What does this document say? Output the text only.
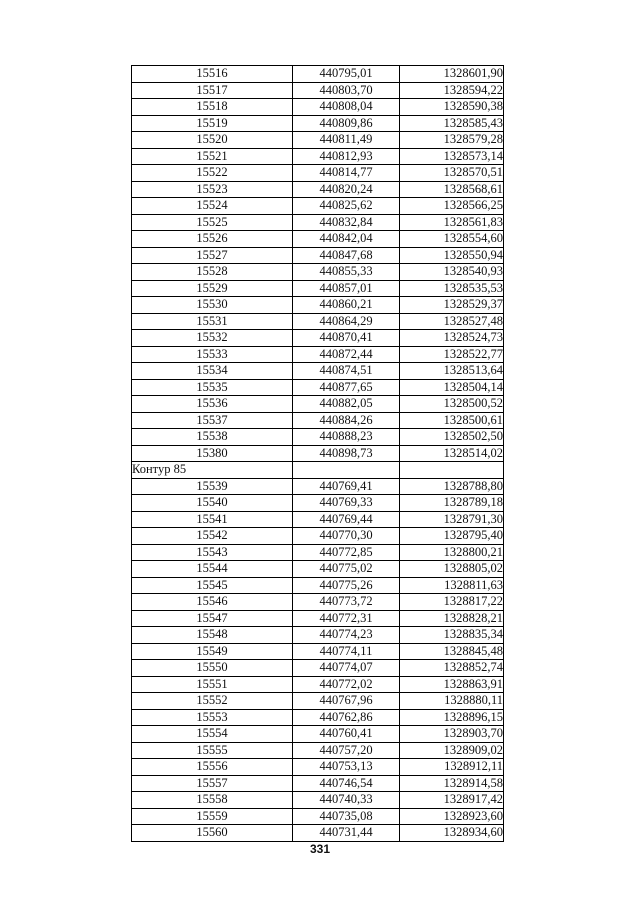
15516	440795,01	1328601,90
15517	440803,70	1328594,22
15518	440808,04	1328590,38
15519	440809,86	1328585,43
15520	440811,49	1328579,28
15521	440812,93	1328573,14
15522	440814,77	1328570,51
15523	440820,24	1328568,61
15524	440825,62	1328566,25
15525	440832,84	1328561,83
15526	440842,04	1328554,60
15527	440847,68	1328550,94
15528	440855,33	1328540,93
15529	440857,01	1328535,53
15530	440860,21	1328529,37
15531	440864,29	1328527,48
15532	440870,41	1328524,73
15533	440872,44	1328522,77
15534	440874,51	1328513,64
15535	440877,65	1328504,14
15536	440882,05	1328500,52
15537	440884,26	1328500,61
15538	440888,23	1328502,50
15380	440898,73	1328514,02
Контур 85		
15539	440769,41	1328788,80
15540	440769,33	1328789,18
15541	440769,44	1328791,30
15542	440770,30	1328795,40
15543	440772,85	1328800,21
15544	440775,02	1328805,02
15545	440775,26	1328811,63
15546	440773,72	1328817,22
15547	440772,31	1328828,21
15548	440774,23	1328835,34
15549	440774,11	1328845,48
15550	440774,07	1328852,74
15551	440772,02	1328863,91
15552	440767,96	1328880,11
15553	440762,86	1328896,15
15554	440760,41	1328903,70
15555	440757,20	1328909,02
15556	440753,13	1328912,11
15557	440746,54	1328914,58
15558	440740,33	1328917,42
15559	440735,08	1328923,60
15560	440731,44	1328934,60
331
